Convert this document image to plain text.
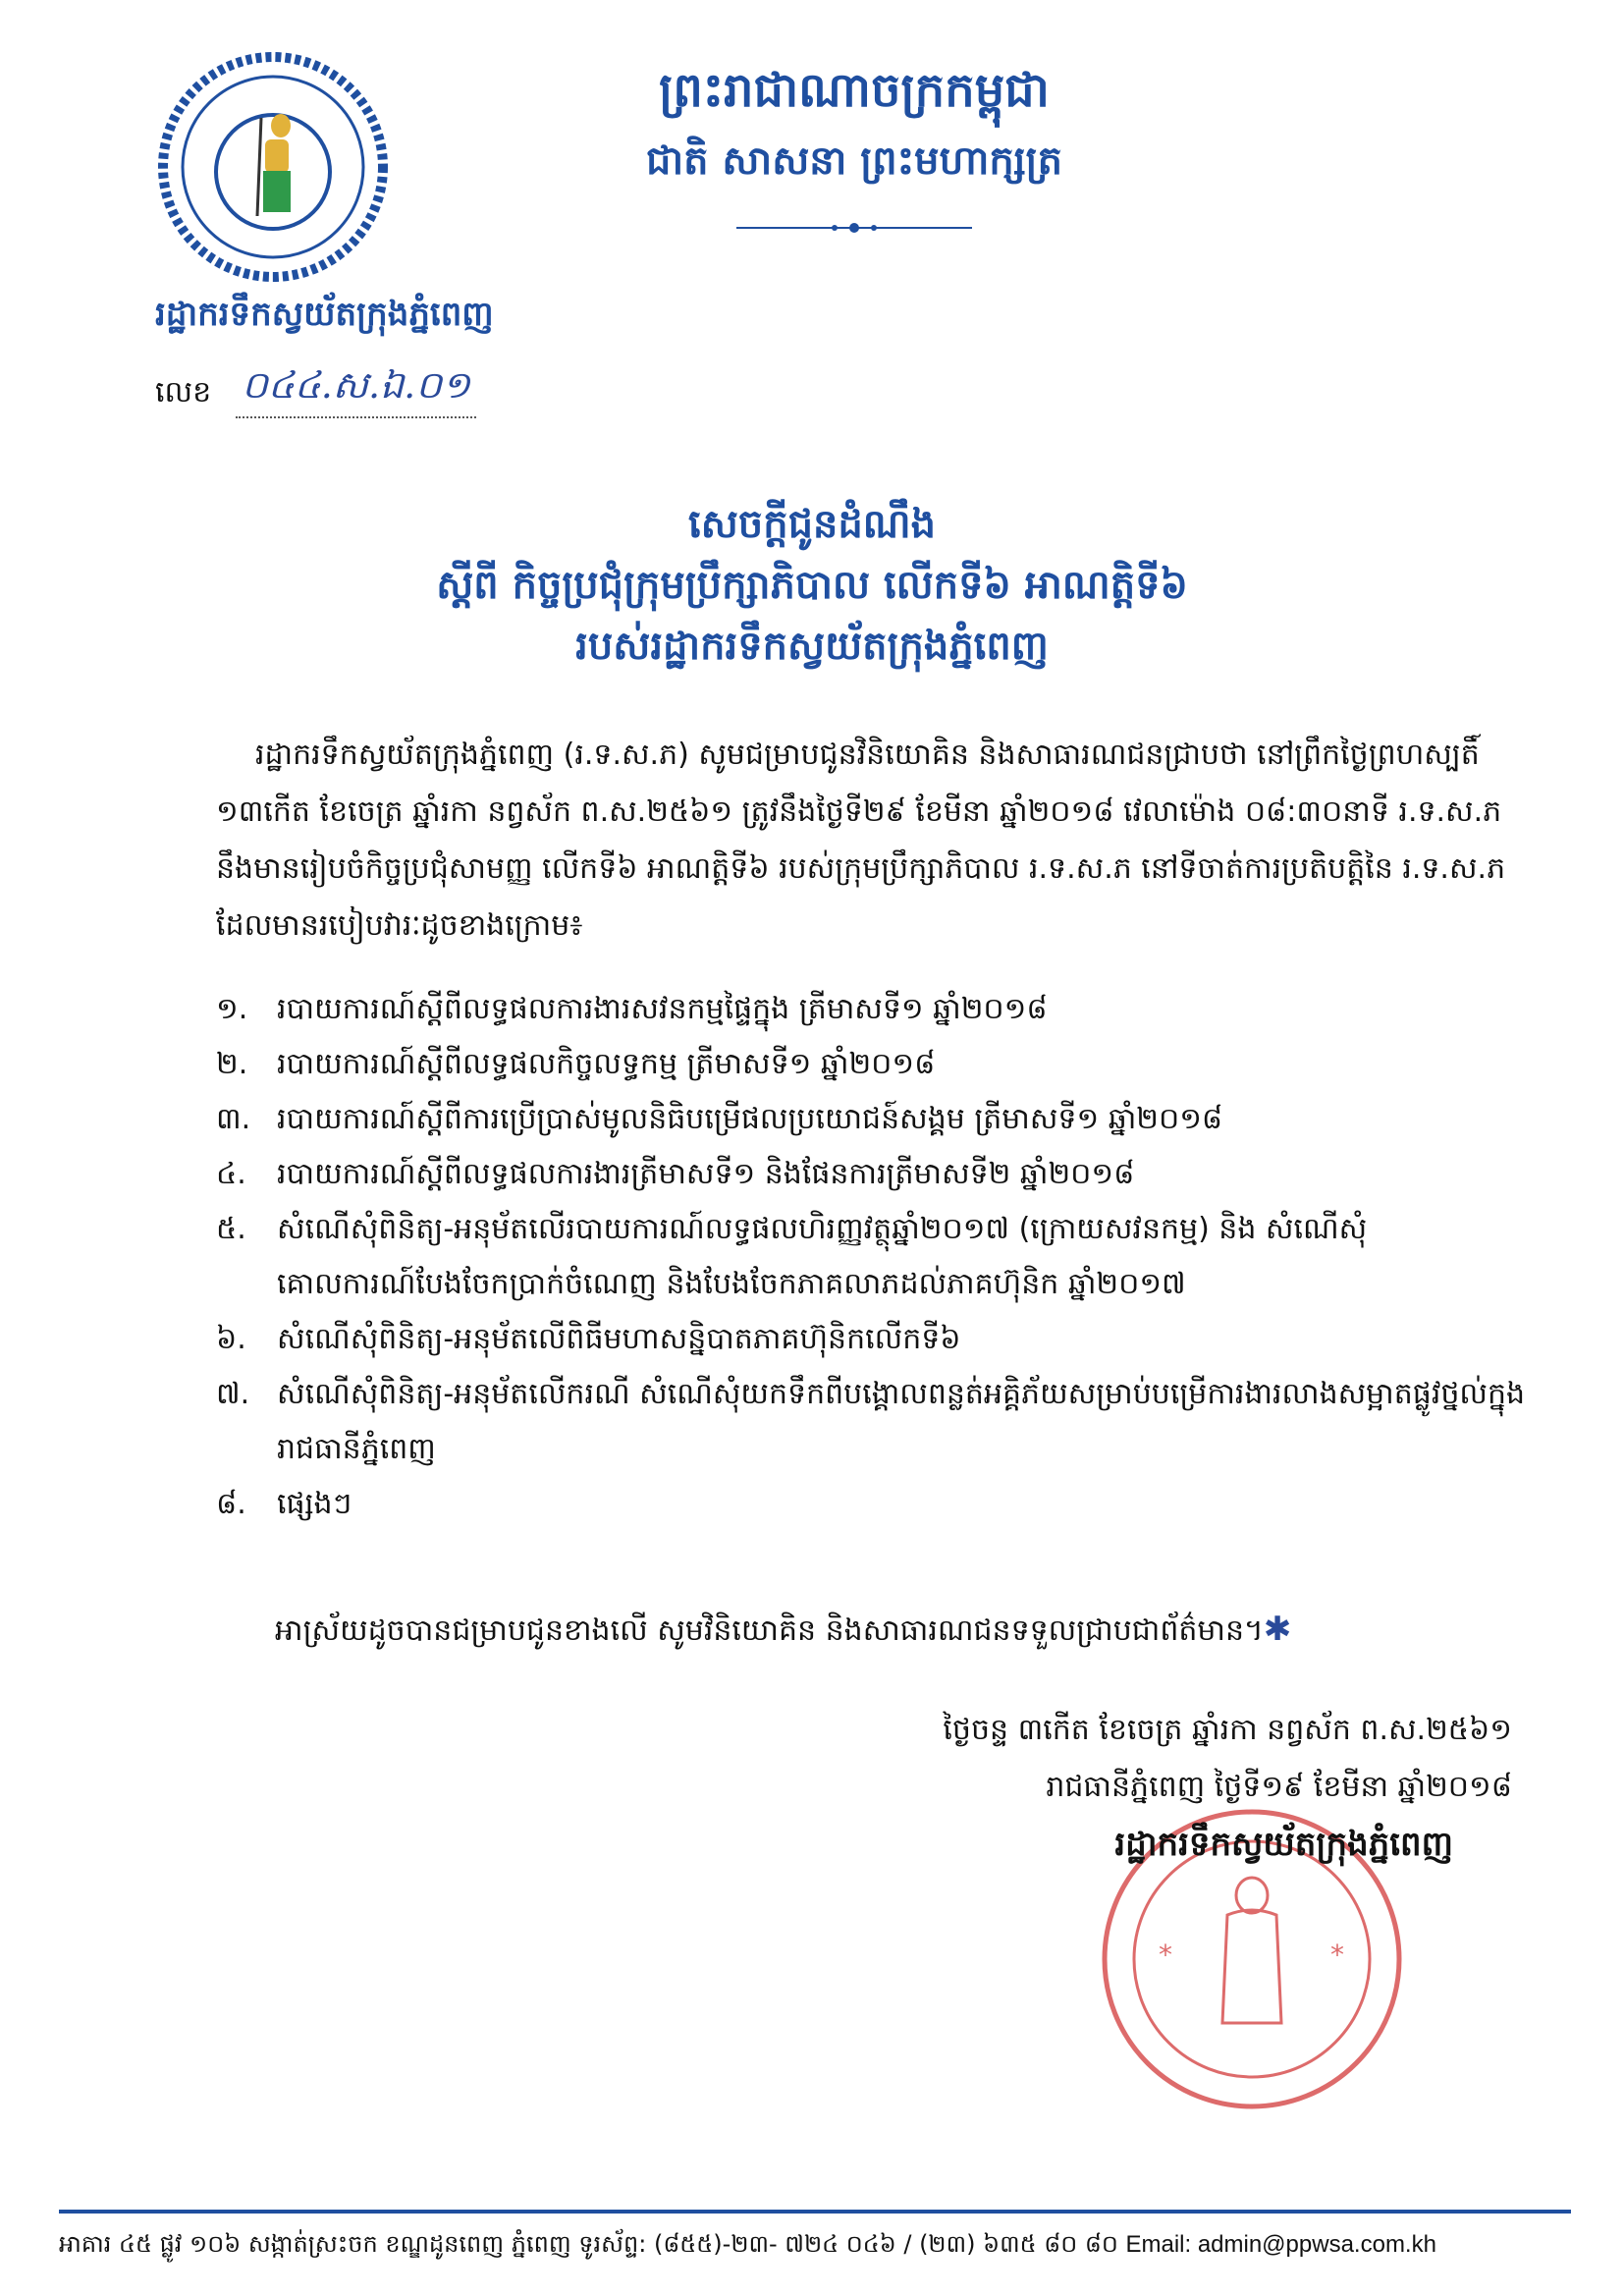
ព្រះរាជាណាចក្រកម្ពុជា
ជាតិ សាសនា ព្រះមហាក្សត្រ
រដ្ឋាករទឹកស្វយ័តក្រុងភ្នំពេញ
លេខ ០៤៤.ស.ឯ.០១
សេចក្តីជូនដំណឹង
ស្តីពី កិច្ចប្រជុំក្រុមប្រឹក្សាភិបាល លើកទី៦ អាណត្តិទី៦
របស់រដ្ឋាករទឹកស្វយ័តក្រុងភ្នំពេញ
រដ្ឋាករទឹកស្វយ័តក្រុងភ្នំពេញ (រ.ទ.ស.ភ) សូមជម្រាបជូនវិនិយោគិន និងសាធារណជនជ្រាបថា នៅព្រឹកថ្ងៃព្រហស្បតិ៍ ១៣កើត ខែចេត្រ ឆ្នាំរកា នព្វស័ក ព.ស.២៥៦១ ត្រូវនឹងថ្ងៃទី២៩ ខែមីនា ឆ្នាំ២០១៨ វេលាម៉ោង ០៨:៣០នាទី រ.ទ.ស.ភ នឹងមានរៀបចំកិច្ចប្រជុំសាមញ្ញ លើកទី៦ អាណត្តិទី៦ របស់ក្រុមប្រឹក្សាភិបាល រ.ទ.ស.ភ នៅទីចាត់ការប្រតិបត្តិនៃ រ.ទ.ស.ភ ដែលមានរបៀបវារៈដូចខាងក្រោម៖
១. របាយការណ៍ស្តីពីលទ្ធផលការងារសវនកម្មផ្ទៃក្នុង ត្រីមាសទី១ ឆ្នាំ២០១៨
២. របាយការណ៍ស្តីពីលទ្ធផលកិច្ចលទ្ធកម្ម ត្រីមាសទី១ ឆ្នាំ២០១៨
៣. របាយការណ៍ស្តីពីការប្រើប្រាស់មូលនិធិបម្រើផលប្រយោជន៍សង្គម ត្រីមាសទី១ ឆ្នាំ២០១៨
៤. របាយការណ៍ស្តីពីលទ្ធផលការងារត្រីមាសទី១ និងផែនការត្រីមាសទី២ ឆ្នាំ២០១៨
៥. សំណើសុំពិនិត្យ-អនុម័តលើរបាយការណ៍លទ្ធផលហិរញ្ញវត្ថុឆ្នាំ២០១៧ (ក្រោយសវនកម្ម) និង សំណើសុំគោលការណ៍បែងចែកប្រាក់ចំណេញ និងបែងចែកភាគលាភដល់ភាគហ៊ុនិក ឆ្នាំ២០១៧
៦. សំណើសុំពិនិត្យ-អនុម័តលើពិធីមហាសន្និបាតភាគហ៊ុនិកលើកទី៦
៧. សំណើសុំពិនិត្យ-អនុម័តលើករណី សំណើសុំយកទឹកពីបង្គោលពន្លត់អគ្គិភ័យសម្រាប់បម្រើការងារលាងសម្អាតផ្លូវថ្នល់ក្នុងរាជធានីភ្នំពេញ
៨. ផ្សេងៗ
អាស្រ័យដូចបានជម្រាបជូនខាងលើ សូមវិនិយោគិន និងសាធារណជនទទួលជ្រាបជាព័ត៌មាន។✱
*	*
ថ្ងៃចន្ទ ៣កើត ខែចេត្រ ឆ្នាំរកា នព្វស័ក ព.ស.២៥៦១
រាជធានីភ្នំពេញ ថ្ងៃទី១៩ ខែមីនា ឆ្នាំ២០១៨
រដ្ឋាករទឹកស្វយ័តក្រុងភ្នំពេញ
អាគារ ៤៥ ផ្លូវ ១០៦ សង្កាត់ស្រះចក ខណ្ឌដូនពេញ ភ្នំពេញ ទូរស័ព្ទ: (៨៥៥)-២៣- ៧២៤ ០៤៦ / (២៣) ៦៣៥ ៨០ ៨០ Email: admin@ppwsa.com.kh
